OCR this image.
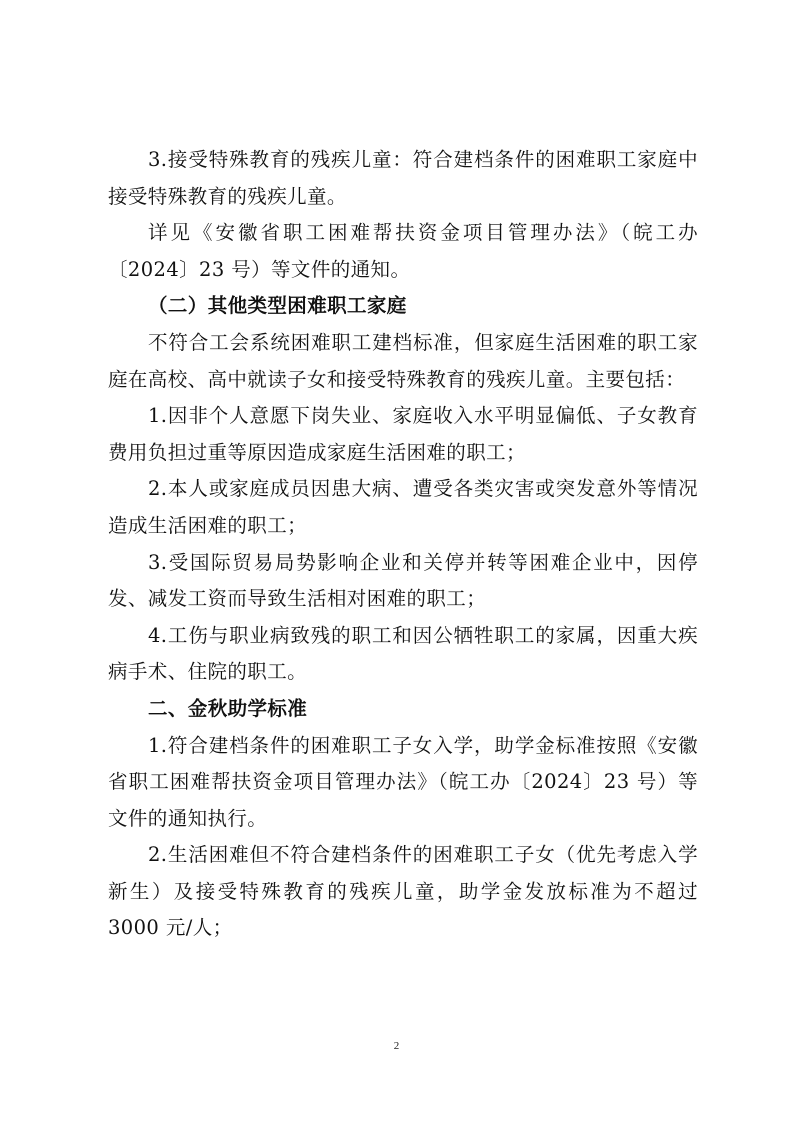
3.接受特殊教育的残疾儿童：符合建档条件的困难职工家庭中接受特殊教育的残疾儿童。

详见《安徽省职工困难帮扶资金项目管理办法》（皖工办〔2024〕23 号）等文件的通知。

（二）其他类型困难职工家庭

不符合工会系统困难职工建档标准，但家庭生活困难的职工家庭在高校、高中就读子女和接受特殊教育的残疾儿童。主要包括：

1.因非个人意愿下岗失业、家庭收入水平明显偏低、子女教育费用负担过重等原因造成家庭生活困难的职工；

2.本人或家庭成员因患大病、遭受各类灾害或突发意外等情况造成生活困难的职工；

3.受国际贸易局势影响企业和关停并转等困难企业中，因停发、减发工资而导致生活相对困难的职工；

4.工伤与职业病致残的职工和因公牺牲职工的家属，因重大疾病手术、住院的职工。

二、金秋助学标准

1.符合建档条件的困难职工子女入学，助学金标准按照《安徽省职工困难帮扶资金项目管理办法》（皖工办〔2024〕23 号）等文件的通知执行。

2.生活困难但不符合建档条件的困难职工子女（优先考虑入学新生）及接受特殊教育的残疾儿童，助学金发放标准为不超过 3000 元/人；

2
